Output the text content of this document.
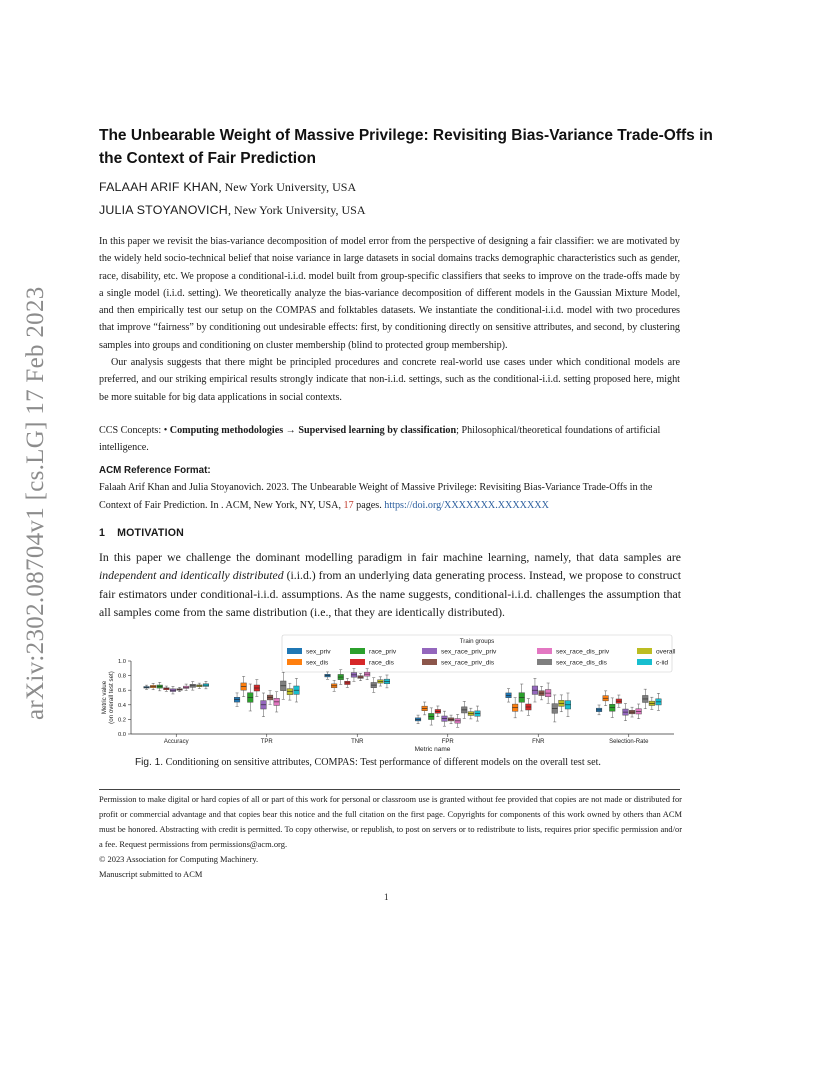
arXiv:2302.08704v1 [cs.LG] 17 Feb 2023
The Unbearable Weight of Massive Privilege: Revisiting Bias-Variance Trade-Offs in the Context of Fair Prediction
FALAAH ARIF KHAN, New York University, USA
JULIA STOYANOVICH, New York University, USA

In this paper we revisit the bias-variance decomposition of model error from the perspective of designing a fair classifier: we are motivated by the widely held socio-technical belief that noise variance in large datasets in social domains tracks demographic characteristics such as gender, race, disability, etc. We propose a conditional-i.i.d. model built from group-specific classifiers that seeks to improve on the trade-offs made by a single model (i.i.d. setting). We theoretically analyze the bias-variance decomposition of different models in the Gaussian Mixture Model, and then empirically test our setup on the COMPAS and folktables datasets. We instantiate the conditional-i.i.d. model with two procedures that improve “fairness” by conditioning out undesirable effects: first, by conditioning directly on sensitive attributes, and second, by clustering samples into groups and conditioning on cluster membership (blind to protected group membership).

Our analysis suggests that there might be principled procedures and concrete real-world use cases under which conditional models are preferred, and our striking empirical results strongly indicate that non-i.i.d. settings, such as the conditional-i.i.d. setting proposed here, might be more suitable for big data applications in social contexts.

CCS Concepts: • Computing methodologies → Supervised learning by classification; Philosophical/theoretical foundations of artificial intelligence.
ACM Reference Format:
Falaah Arif Khan and Julia Stoyanovich. 2023. The Unbearable Weight of Massive Privilege: Revisiting Bias-Variance Trade-Offs in the Context of Fair Prediction. In . ACM, New York, NY, USA, 17 pages. https://doi.org/XXXXXXX.XXXXXXX
1 MOTIVATION
In this paper we challenge the dominant modelling paradigm in fair machine learning, namely, that data samples are independent and identically distributed (i.i.d.) from an underlying data generating process. Instead, we propose to construct fair estimators under conditional-i.i.d. assumptions. As the name suggests, conditional-i.i.d. challenges the assumption that all samples come from the same distribution (i.e., that they are identically distributed).
Train groups
sex_priv
sex_dis
race_priv
race_dis
sex_race_priv_priv
sex_race_priv_dis
sex_race_dis_priv
sex_race_dis_dis
overall
c-iid
0.0
0.2
0.4
0.6
0.8
1.0
Metric value (on overall test set)
Accuracy	TPR	TNR	FPR	FNR	Selection-Rate
Metric name
Fig. 1. Conditioning on sensitive attributes, COMPAS: Test performance of different models on the overall test set.

Permission to make digital or hard copies of all or part of this work for personal or classroom use is granted without fee provided that copies are not made or distributed for profit or commercial advantage and that copies bear this notice and the full citation on the first page. Copyrights for components of this work owned by others than ACM must be honored. Abstracting with credit is permitted. To copy otherwise, or republish, to post on servers or to redistribute to lists, requires prior specific permission and/or a fee. Request permissions from permissions@acm.org.

© 2023 Association for Computing Machinery.

Manuscript submitted to ACM

1
